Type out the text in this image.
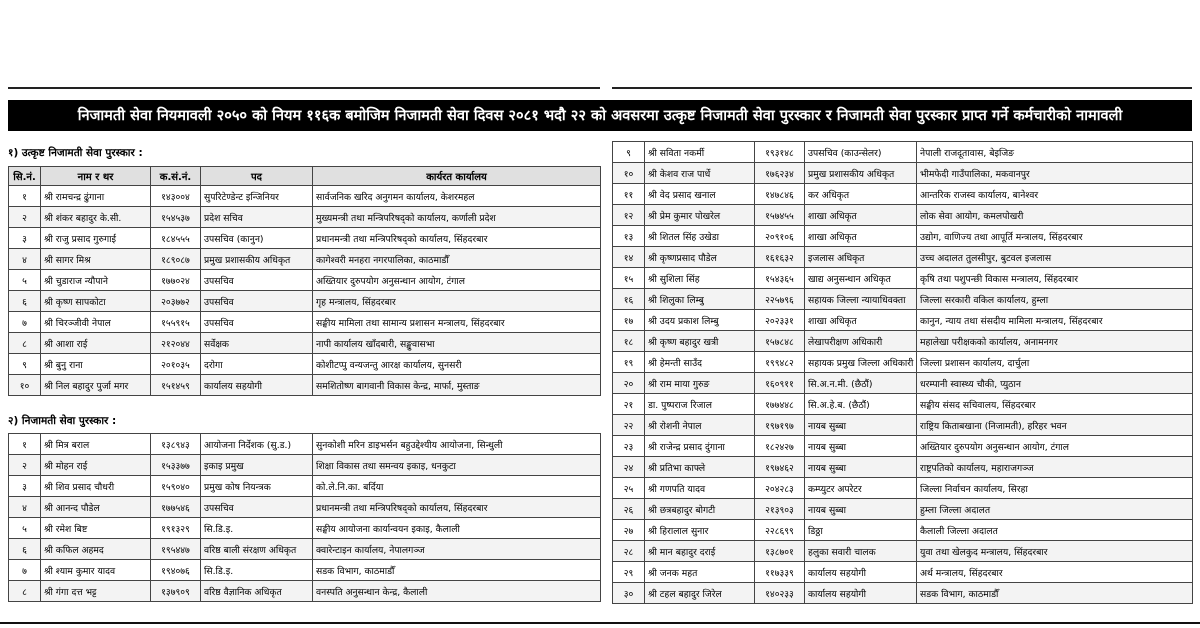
निजामती सेवा नियमावली २०५० को नियम ११६क बमोजिम निजामती सेवा दिवस २०८१ भदौ २२ को अवसरमा उत्कृष्ट निजामती सेवा पुरस्कार र निजामती सेवा पुरस्कार प्राप्त गर्ने कर्मचारीको नामावली
१) उत्कृष्ट निजामती सेवा पुरस्कार :
सि.नं.	नाम र थर	क.सं.नं.	पद	कार्यरत कार्यालय
१	श्री रामचन्द्र ढुंगाना	१४३००४	सुपरिटेण्डेन्ट इन्जिनियर	सार्वजनिक खरिद अनुगमन कार्यालय, केशरमहल
२	श्री शंकर बहादुर के.सी.	१५४५३७	प्रदेश सचिव	मुख्यमन्त्री तथा मन्त्रिपरिषद्को कार्यालय, कर्णाली प्रदेश
३	श्री राजु प्रसाद गुरुगाई	१८४५५५	उपसचिव (कानुन)	प्रधानमन्त्री तथा मन्त्रिपरिषद्को कार्यालय, सिंहदरबार
४	श्री सागर मिश्र	१८९०८७	प्रमुख प्रशासकीय अधिकृत	कागेश्वरी मनहरा नगरपालिका, काठमाडौँ
५	श्री चुडाराज न्यौपाने	१७७०२४	उपसचिव	अख्तियार दुरुपयोग अनुसन्धान आयोग, टंगाल
६	श्री कृष्ण सापकोटा	२०३७७२	उपसचिव	गृह मन्त्रालय, सिंहदरबार
७	श्री चिरञ्जीवी नेपाल	१५५९१५	उपसचिव	सङ्घीय मामिला तथा सामान्य प्रशासन मन्त्रालय, सिंहदरबार
८	श्री आशा राई	२१२०४४	सर्वेक्षक	नापी कार्यालय खाँदबारी, सङ्खुवासभा
९	श्री बुनु राना	२०१०३५	दरोगा	कोशीटप्पु वन्यजन्तु आरक्ष कार्यालय, सुनसरी
१०	श्री निल बहादुर पुर्जा मगर	१५१४५९	कार्यालय सहयोगी	समशितोष्ण बागवानी विकास केन्द्र, मार्फा, मुस्ताङ
२) निजामती सेवा पुरस्कार :
१	श्री मित्र बराल	१३८९४३	आयोजना निर्देशक (सु.ड.)	सुनकोशी मरिन डाइभर्सन बहुउद्देश्यीय आयोजना, सिन्धुली
२	श्री मोहन राई	१५३३७७	इकाइ प्रमुख	शिक्षा विकास तथा समन्वय इकाइ, धनकुटा
३	श्री शिव प्रसाद चौधरी	१५९०४०	प्रमुख कोष नियन्त्रक	को.ले.नि.का. बर्दिया
४	श्री आनन्द पौडेल	१७७५४६	उपसचिव	प्रधानमन्त्री तथा मन्त्रिपरिषद्को कार्यालय, सिंहदरबार
५	श्री रमेश बिष्ट	१९१३२९	सि.डि.इ.	सङ्घीय आयोजना कार्यान्वयन इकाइ, कैलाली
६	श्री कफिल अहमद	१९५४४७	वरिष्ठ बाली संरक्षण अधिकृत	क्वारेन्टाइन कार्यालय, नेपालगञ्ज
७	श्री श्याम कुमार यादव	१९४०७६	सि.डि.इ.	सडक विभाग, काठमाडौँ
८	श्री गंगा दत्त भट्ट	१३७९०९	वरिष्ठ वैज्ञानिक अधिकृत	वनस्पति अनुसन्धान केन्द्र, कैलाली
९	श्री सविता नकर्मी	१९३१४८	उपसचिव (काउन्सेलर)	नेपाली राजदूतावास, बेइजिङ
१०	श्री केशव राज पार्धे	१७६२३४	प्रमुख प्रशासकीय अधिकृत	भीमफेदी गाउँपालिका, मकवानपुर
११	श्री वेद प्रसाद खनाल	१४७८४६	कर अधिकृत	आन्तरिक राजस्व कार्यालय, बानेश्वर
१२	श्री प्रेम कुमार पोखरेल	१५७४५५	शाखा अधिकृत	लोक सेवा आयोग, कमलपोखरी
१३	श्री शितल सिंह उखेडा	२०९१०६	शाखा अधिकृत	उद्योग, वाणिज्य तथा आपूर्ति मन्त्रालय, सिंहदरबार
१४	श्री कृष्णप्रसाद पौडेल	१६१६३२	इजलास अधिकृत	उच्च अदालत तुलसीपुर, बुटवल इजलास
१५	श्री सुशिला सिंह	१५४३६५	खाद्य अनुसन्धान अधिकृत	कृषि तथा पशुपन्छी विकास मन्त्रालय, सिंहदरबार
१६	श्री शिलुका लिम्बु	२२५७९६	सहायक जिल्ला न्यायाधिवक्ता	जिल्ला सरकारी वकिल कार्यालय, हुम्ला
१७	श्री उदय प्रकाश लिम्बु	२०२३३१	शाखा अधिकृत	कानुन, न्याय तथा संसदीय मामिला मन्त्रालय, सिंहदरबार
१८	श्री कृष्ण बहादुर खत्री	१५७८४८	लेखापरीक्षण अधिकारी	महालेखा परीक्षकको कार्यालय, अनामनगर
१९	श्री हेमन्ती साउँद	१९९४८२	सहायक प्रमुख जिल्ला अधिकारी	जिल्ला प्रशासन कार्यालय, दार्चुला
२०	श्री राम माया गुरुङ	१६०९११	सि.अ.न.मी. (छैठौं)	धरम्पानी स्वास्थ्य चौकी, प्युठान
२१	डा. पुष्पराज रिजाल	१७७४४८	सि.अ.हे.ब. (छैठौं)	सङ्घीय संसद सचिवालय, सिंहदरबार
२२	श्री रोशनी नेपाल	१९७१९७	नायब सुब्बा	राष्ट्रिय किताबखाना (निजामती), हरिहर भवन
२३	श्री राजेन्द्र प्रसाद दुंगाना	१८२४२७	नायब सुब्बा	अख्तियार दुरुपयोग अनुसन्धान आयोग, टंगाल
२४	श्री प्रतिभा काफ्ले	१९७४६२	नायब सुब्बा	राष्ट्रपतिको कार्यालय, महाराजगञ्ज
२५	श्री गणपति यादव	२०४२८३	कम्प्युटर अपरेटर	जिल्ला निर्वाचन कार्यालय, सिरहा
२६	श्री छत्रबहादुर बोगटी	२१३९०३	नायब सुब्बा	हुम्ला जिल्ला अदालत
२७	श्री हिरालाल सुनार	२२८६९९	डिठ्ठा	कैलाली जिल्ला अदालत
२८	श्री मान बहादुर दराई	१३८७०१	हलुका सवारी चालक	युवा तथा खेलकुद मन्त्रालय, सिंहदरबार
२९	श्री जनक महत	११७३३९	कार्यालय सहयोगी	अर्थ मन्त्रालय, सिंहदरबार
३०	श्री टहल बहादुर जिरेल	१४०२३३	कार्यालय सहयोगी	सडक विभाग, काठमाडौँ
